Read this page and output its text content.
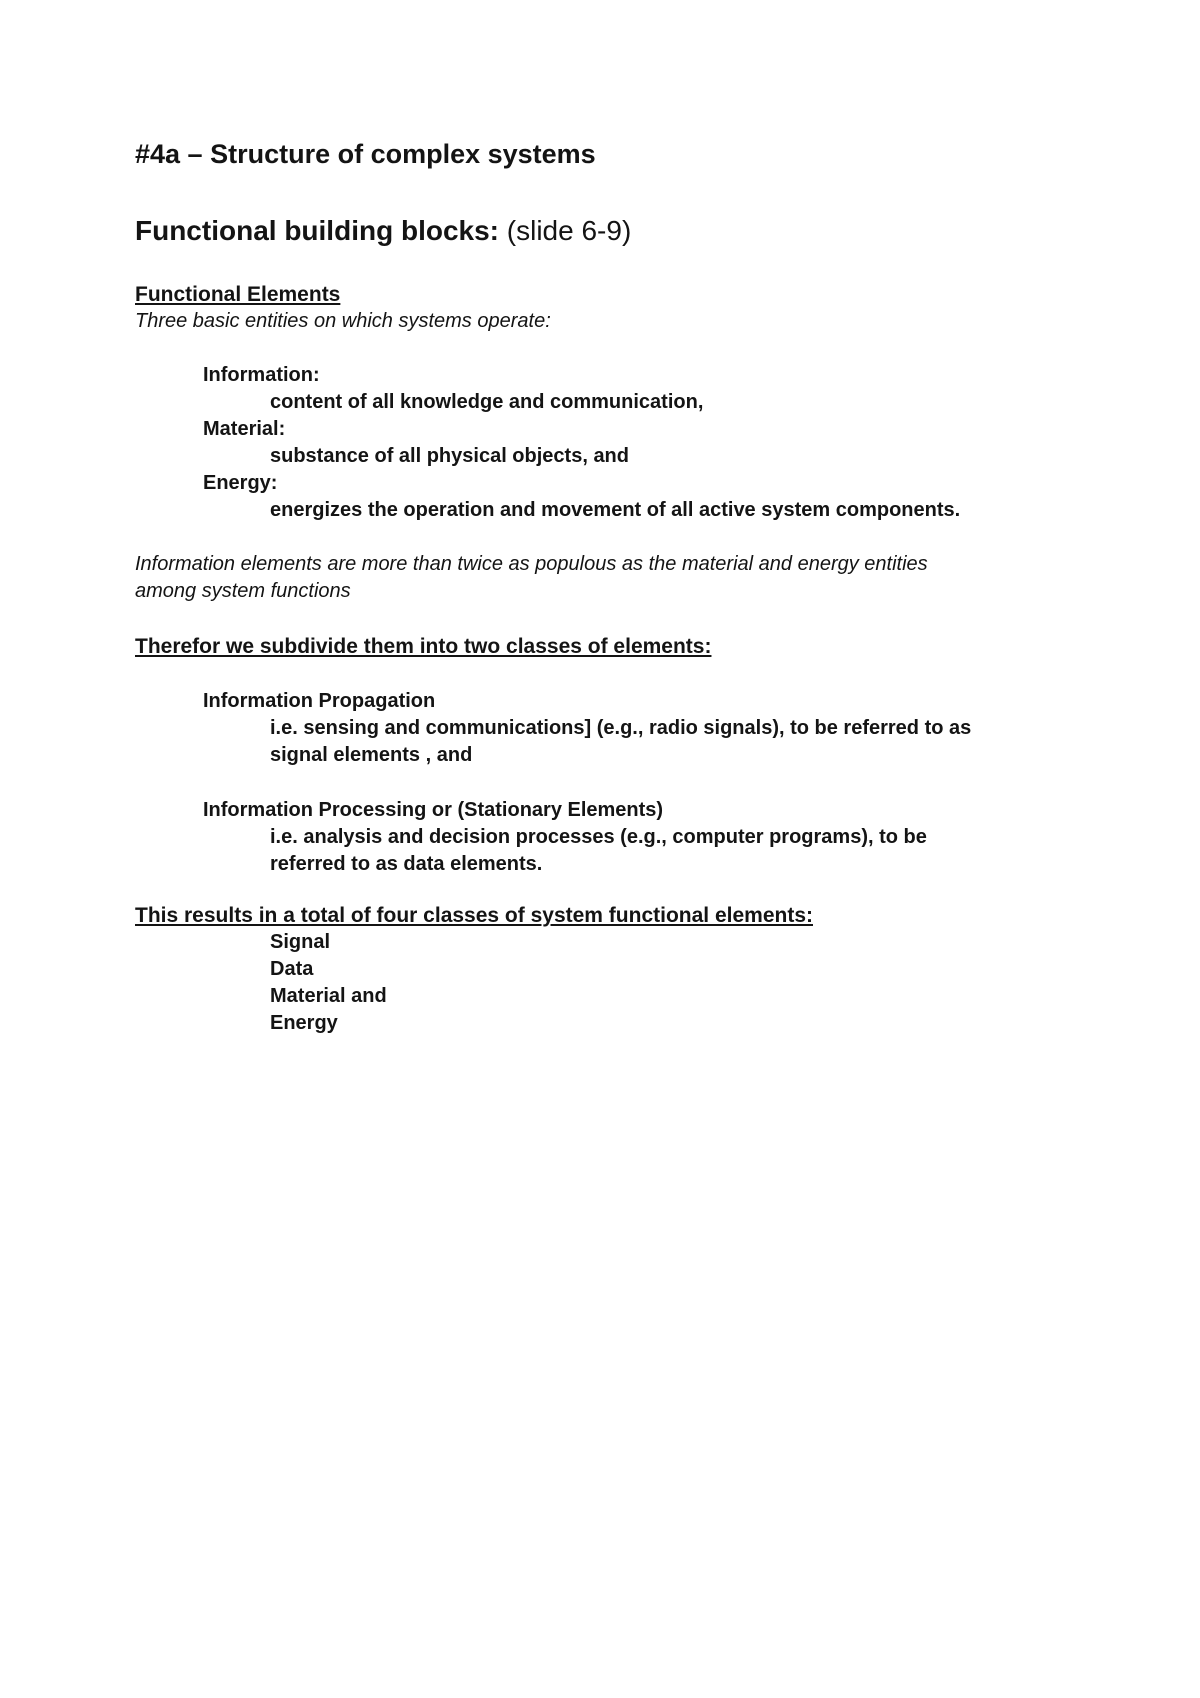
#4a – Structure of complex systems
Functional building blocks: (slide 6-9)
Functional Elements
Three basic entities on which systems operate:
Information:
content of all knowledge and communication,
Material:
substance of all physical objects, and
Energy:
energizes the operation and movement of all active system components.

Information elements are more than twice as populous as the material and energy entities among system functions

Therefor we subdivide them into two classes of elements:
Information Propagation
i.e. sensing and communications] (e.g., radio signals), to be referred to as signal elements , and
Information Processing or (Stationary Elements)
i.e. analysis and decision processes (e.g., computer programs), to be referred to as data elements.
This results in a total of four classes of system functional elements:
Signal
Data
Material and
Energy
